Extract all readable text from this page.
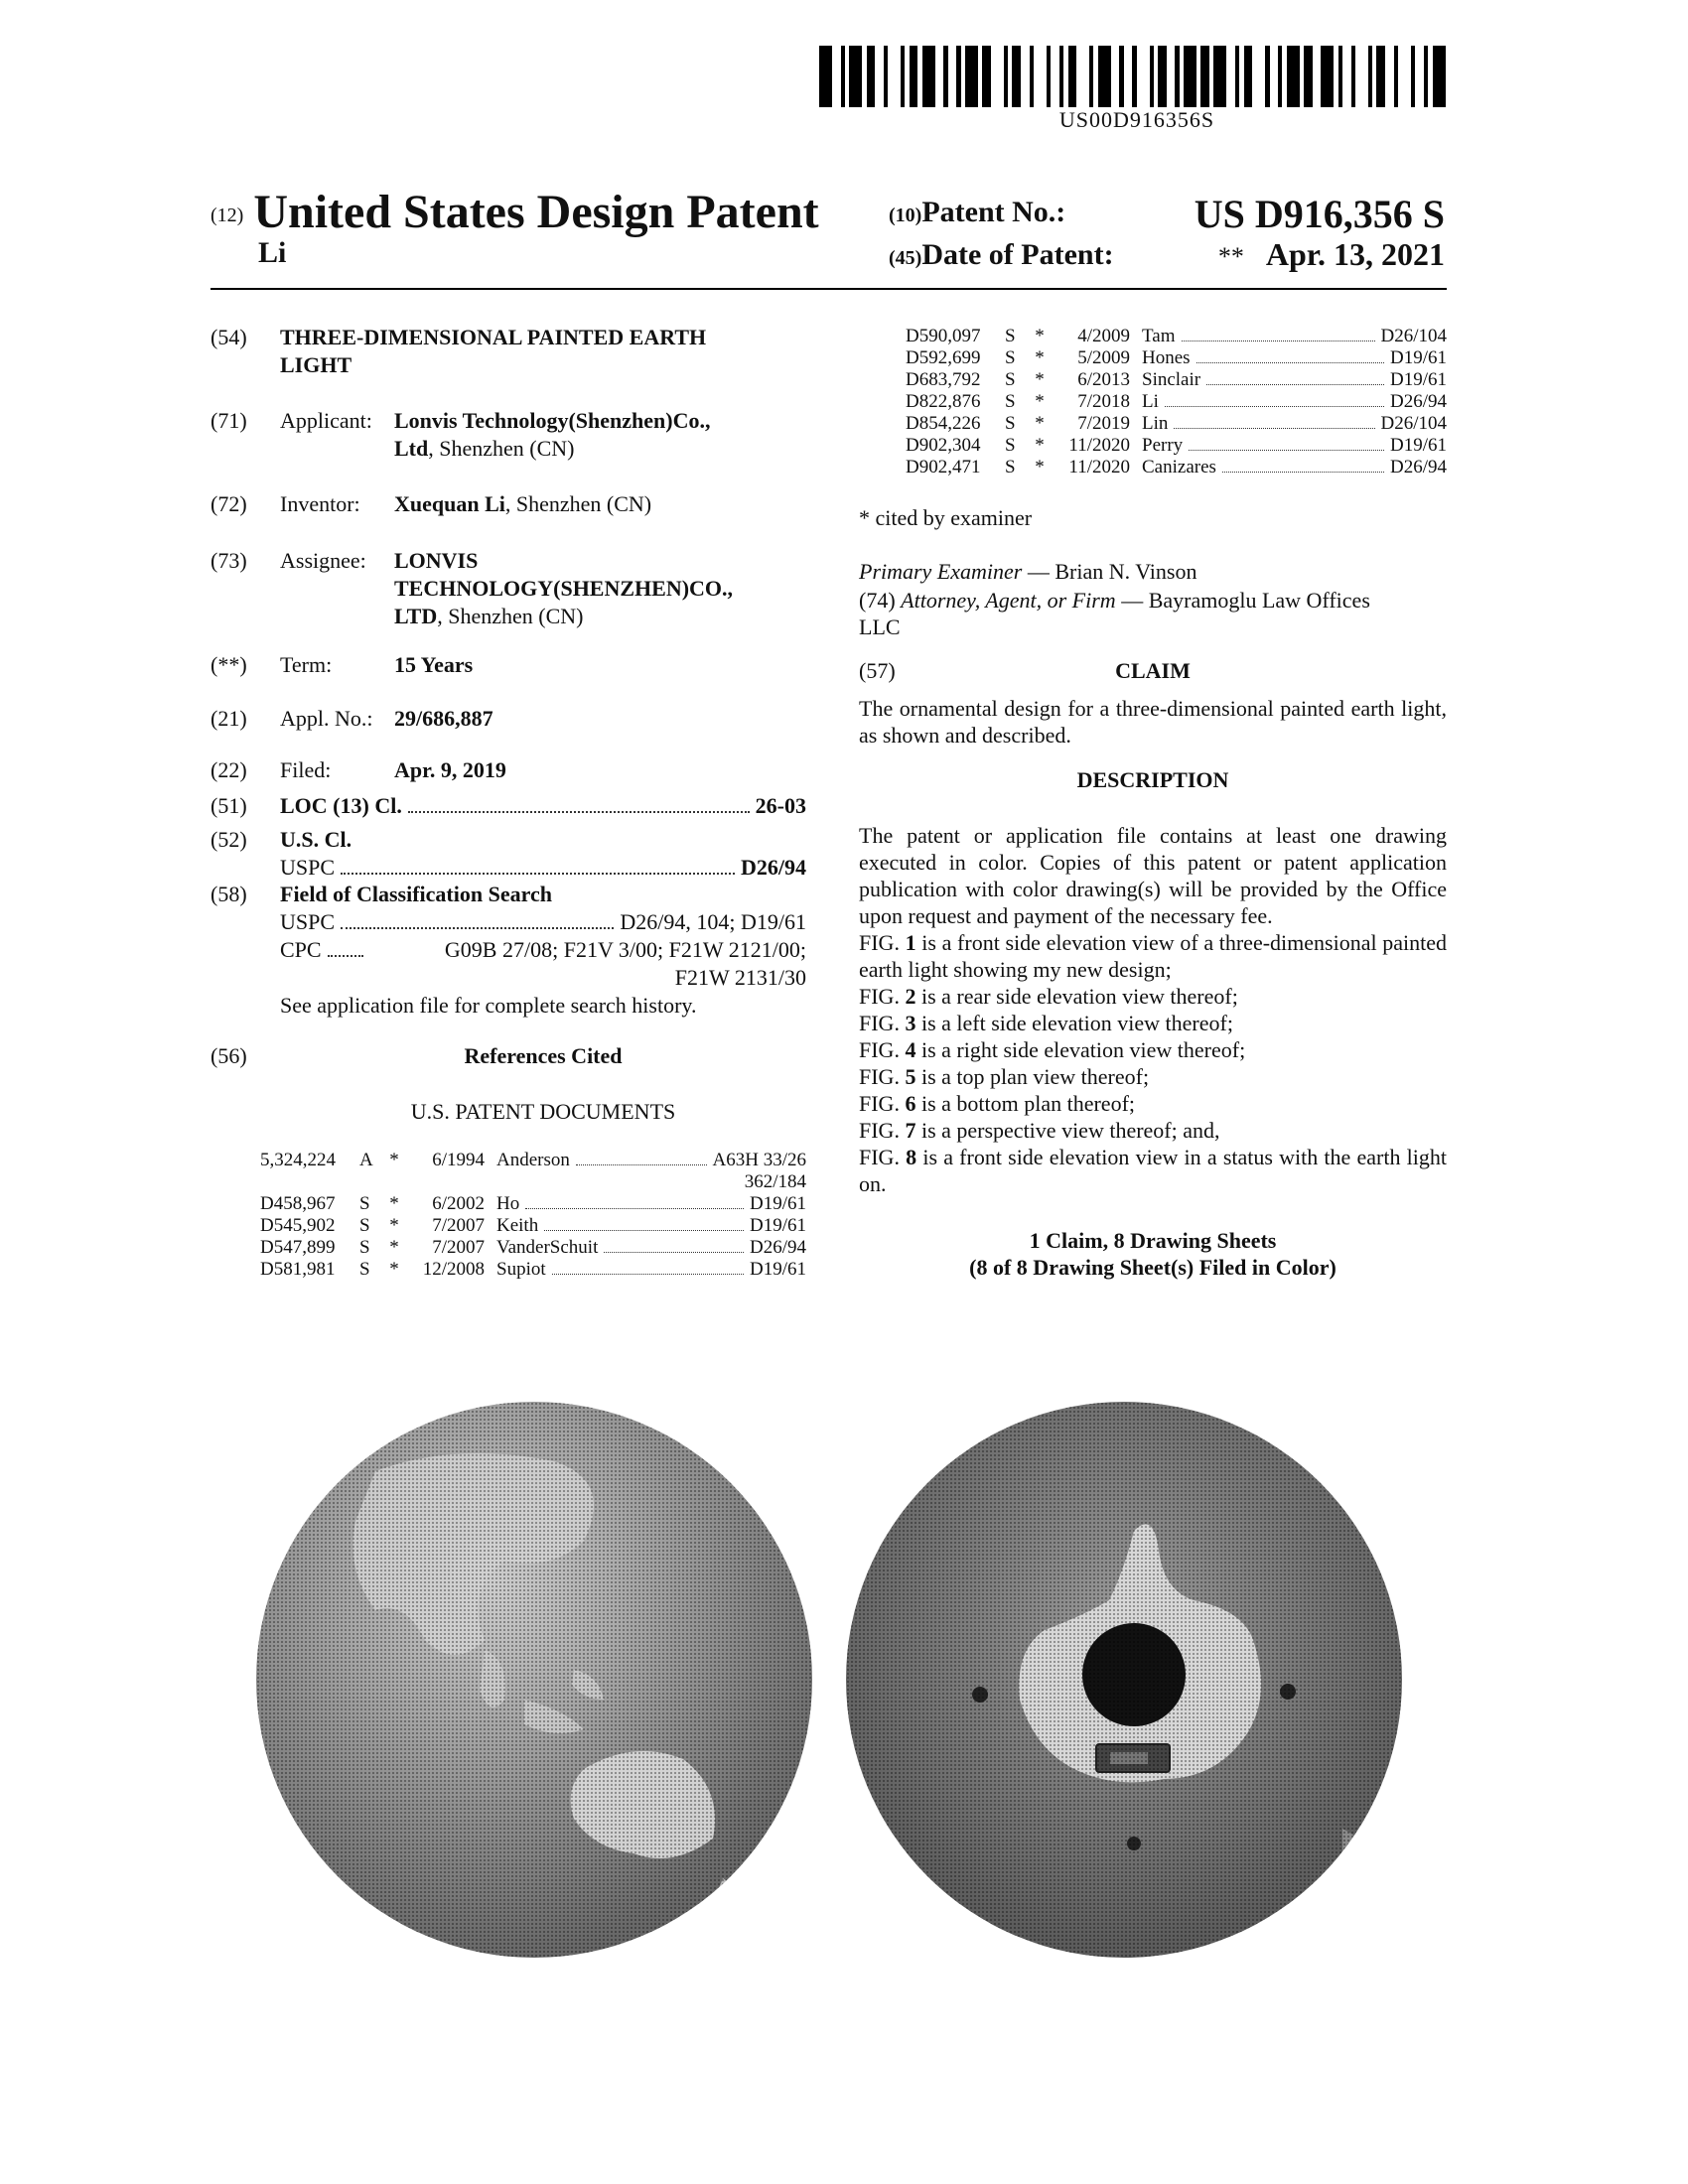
US00D916356S
(12) United States Design Patent
Li
(10)Patent No.:	US D916,356 S
(45)Date of Patent:	** Apr. 13, 2021
(54) THREE-DIMENSIONAL PAINTED EARTH
LIGHT
(71) Applicant: Lonvis Technology(Shenzhen)Co.,
Ltd, Shenzhen (CN)
(72) Inventor: Xuequan Li, Shenzhen (CN)
(73) Assignee: LONVIS
TECHNOLOGY(SHENZHEN)CO.,
LTD, Shenzhen (CN)
(**) Term:	15 Years
(21) Appl. No.: 29/686,887
(22) Filed:	Apr. 9, 2019
(51) LOC (13) Cl.	26-03
(52) U.S. Cl.
USPC	D26/94
(58) Field of Classification Search
USPC	D26/94, 104; D19/61
CPC	G09B 27/08; F21V 3/00; F21W 2121/00;
F21W 2131/30
See application file for complete search history.
(56)	References Cited
U.S. PATENT DOCUMENTS
5,324,224	A	*	6/1994	Anderson A63H 33/26
362/184

D458,967	S	*	6/2002	Ho D19/61

D545,902	S	*	7/2007	Keith D19/61

D547,899	S	*	7/2007	VanderSchuit D26/94

D581,981	S	*	12/2008	Supiot D19/61
D590,097	S	*	4/2009	Tam D26/104

D592,699	S	*	5/2009	Hones D19/61

D683,792	S	*	6/2013	Sinclair D19/61

D822,876	S	*	7/2018	Li D26/94

D854,226	S	*	7/2019	Lin D26/104

D902,304	S	*	11/2020	Perry D19/61

D902,471	S	*	11/2020	Canizares D26/94
* cited by examiner
Primary Examiner — Brian N. Vinson
(74) Attorney, Agent, or Firm — Bayramoglu Law Offices
LLC
(57)	CLAIM
The ornamental design for a three-dimensional painted earth light, as shown and described.
DESCRIPTION
The patent or application file contains at least one drawing executed in color. Copies of this patent or patent application publication with color drawing(s) will be provided by the Office upon request and payment of the necessary fee.
FIG. 1 is a front side elevation view of a three-dimensional painted earth light showing my new design;
FIG. 2 is a rear side elevation view thereof;
FIG. 3 is a left side elevation view thereof;
FIG. 4 is a right side elevation view thereof;
FIG. 5 is a top plan view thereof;
FIG. 6 is a bottom plan thereof;
FIG. 7 is a perspective view thereof; and,
FIG. 8 is a front side elevation view in a status with the earth light on.
1 Claim, 8 Drawing Sheets
(8 of 8 Drawing Sheet(s) Filed in Color)
